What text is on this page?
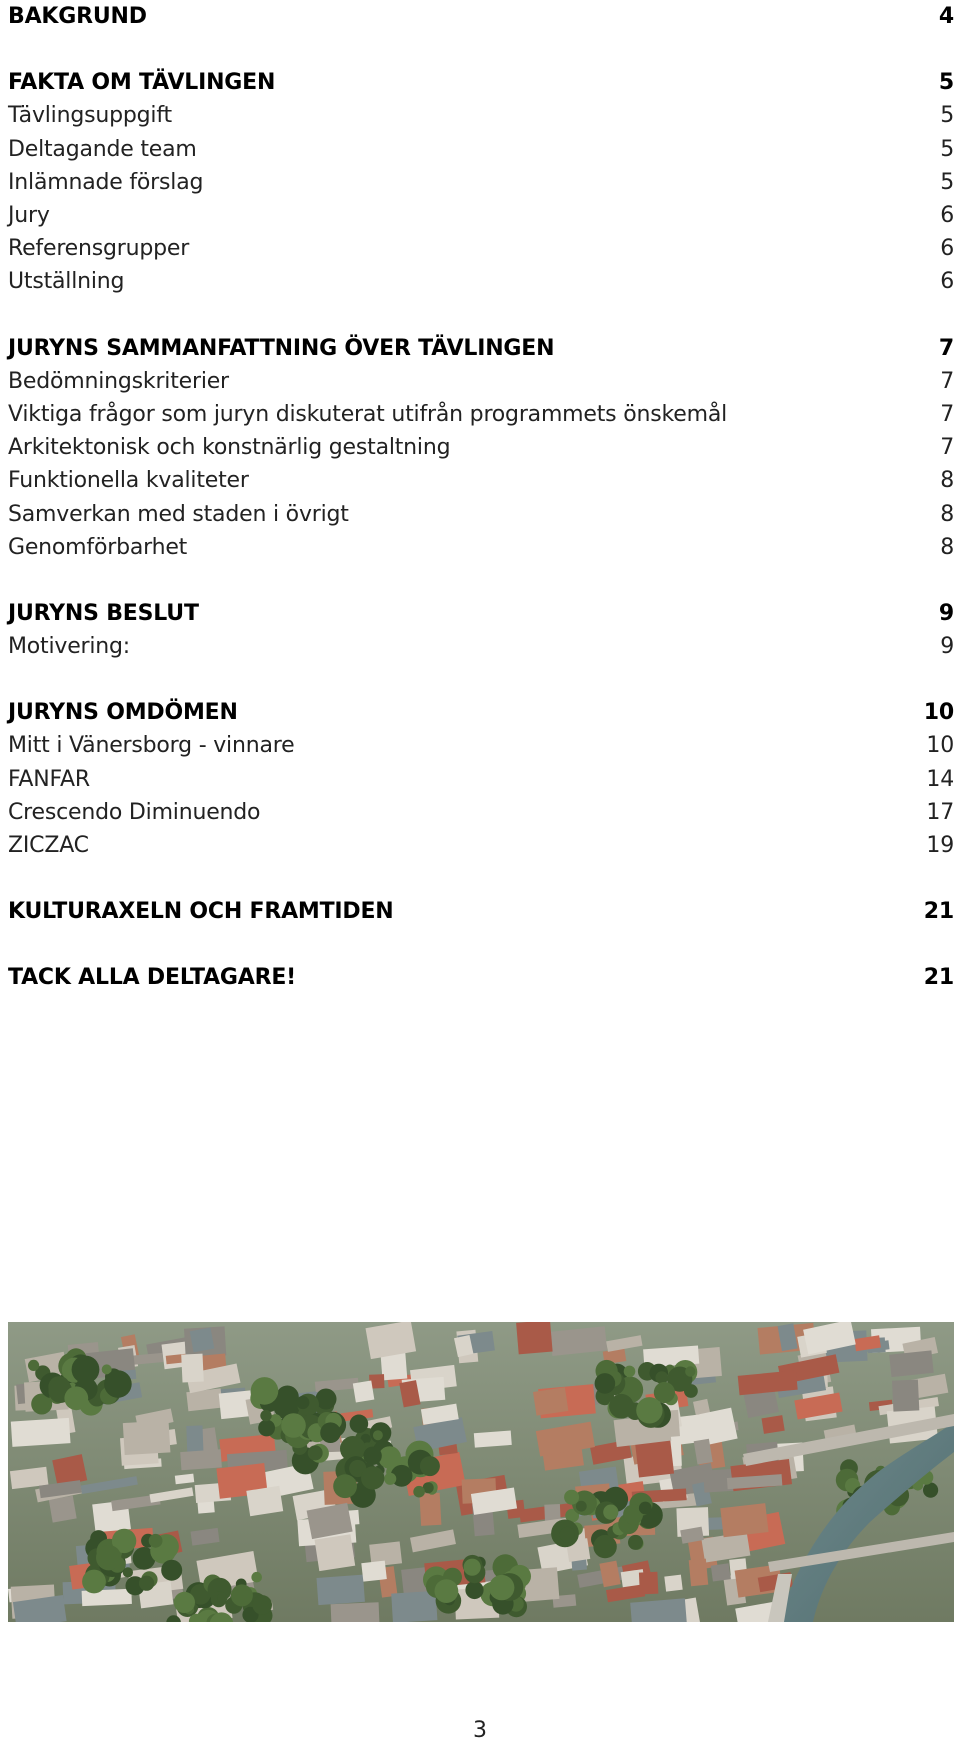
BAKGRUND	4
FAKTA OM TÄVLINGEN	5
Tävlingsuppgift	5
Deltagande team	5
Inlämnade förslag	5
Jury	6
Referensgrupper	6
Utställning	6
JURYNS SAMMANFATTNING ÖVER TÄVLINGEN	7
Bedömningskriterier	7
Viktiga frågor som juryn diskuterat utifrån programmets önskemål	7
Arkitektonisk och konstnärlig gestaltning	7
Funktionella kvaliteter	8
Samverkan med staden i övrigt	8
Genomförbarhet	8
JURYNS BESLUT	9
Motivering:	9
JURYNS OMDÖMEN	10
Mitt i Vänersborg - vinnare	10
FANFAR	14
Crescendo Diminuendo	17
ZICZAC	19
KULTURAXELN OCH FRAMTIDEN	21
TACK ALLA DELTAGARE!	21
3
